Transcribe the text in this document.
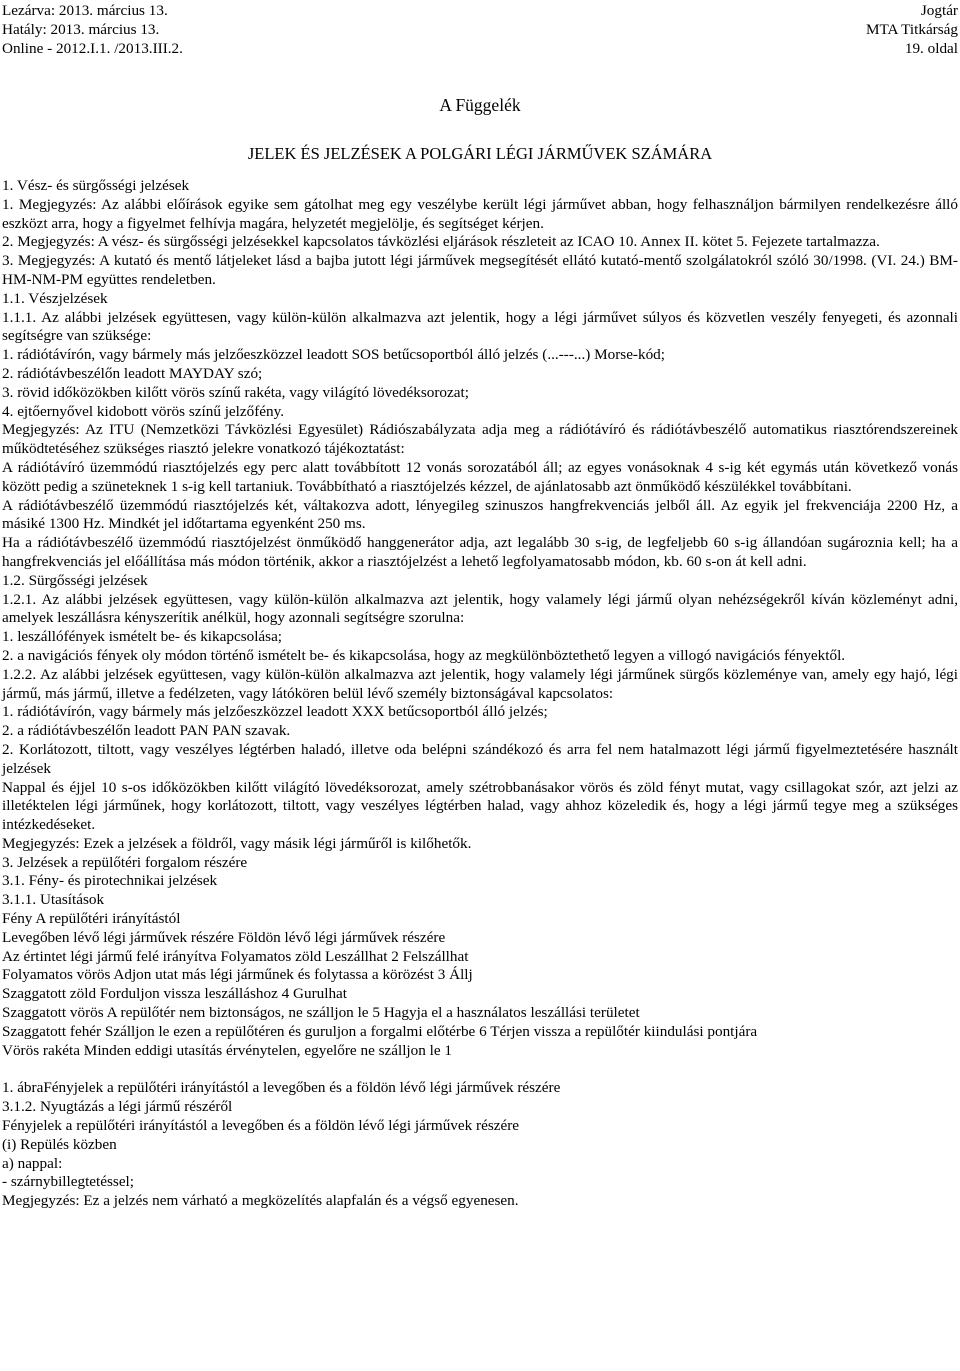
Lezárva: 2013. március 13.
Hatály: 2013. március 13.
Online - 2012.I.1. /2013.III.2.
Jogtár
MTA Titkárság
19. oldal
A Függelék
JELEK ÉS JELZÉSEK A POLGÁRI LÉGI JÁRMŰVEK SZÁMÁRA

1. Vész- és sürgősségi jelzések

1. Megjegyzés: Az alábbi előírások egyike sem gátolhat meg egy veszélybe került légi járművet abban, hogy felhasználjon bármilyen rendelkezésre álló eszközt arra, hogy a figyelmet felhívja magára, helyzetét megjelölje, és segítséget kérjen.

2. Megjegyzés: A vész- és sürgősségi jelzésekkel kapcsolatos távközlési eljárások részleteit az ICAO 10. Annex II. kötet 5. Fejezete tartalmazza.

3. Megjegyzés: A kutató és mentő látjeleket lásd a bajba jutott légi járművek megsegítését ellátó kutató-mentő szolgálatokról szóló 30/1998. (VI. 24.) BM-HM-NM-PM együttes rendeletben.

1.1. Vészjelzések

1.1.1. Az alábbi jelzések együttesen, vagy külön-külön alkalmazva azt jelentik, hogy a légi járművet súlyos és közvetlen veszély fenyegeti, és azonnali segítségre van szüksége:

1. rádiótávírón, vagy bármely más jelzőeszközzel leadott SOS betűcsoportból álló jelzés (...---...) Morse-kód;

2. rádiótávbeszélőn leadott MAYDAY szó;

3. rövid időközökben kilőtt vörös színű rakéta, vagy világító lövedéksorozat;

4. ejtőernyővel kidobott vörös színű jelzőfény.

Megjegyzés: Az ITU (Nemzetközi Távközlési Egyesület) Rádiószabályzata adja meg a rádiótávíró és rádiótávbeszélő automatikus riasztórendszereinek működtetéséhez szükséges riasztó jelekre vonatkozó tájékoztatást:

A rádiótávíró üzemmódú riasztójelzés egy perc alatt továbbított 12 vonás sorozatából áll; az egyes vonásoknak 4 s-ig két egymás után következő vonás között pedig a szüneteknek 1 s-ig kell tartaniuk. Továbbítható a riasztójelzés kézzel, de ajánlatosabb azt önműködő készülékkel továbbítani.

A rádiótávbeszélő üzemmódú riasztójelzés két, váltakozva adott, lényegileg szinuszos hangfrekvenciás jelből áll. Az egyik jel frekvenciája 2200 Hz, a másiké 1300 Hz. Mindkét jel időtartama egyenként 250 ms.

Ha a rádiótávbeszélő üzemmódú riasztójelzést önműködő hanggenerátor adja, azt legalább 30 s-ig, de legfeljebb 60 s-ig állandóan sugároznia kell; ha a hangfrekvenciás jel előállítása más módon történik, akkor a riasztójelzést a lehető legfolyamatosabb módon, kb. 60 s-on át kell adni.

1.2. Sürgősségi jelzések

1.2.1. Az alábbi jelzések együttesen, vagy külön-külön alkalmazva azt jelentik, hogy valamely légi jármű olyan nehézségekről kíván közleményt adni, amelyek leszállásra kényszerítik anélkül, hogy azonnali segítségre szorulna:

1. leszállófények ismételt be- és kikapcsolása;

2. a navigációs fények oly módon történő ismételt be- és kikapcsolása, hogy az megkülönböztethető legyen a villogó navigációs fényektől.

1.2.2. Az alábbi jelzések együttesen, vagy külön-külön alkalmazva azt jelentik, hogy valamely légi járműnek sürgős közleménye van, amely egy hajó, légi jármű, más jármű, illetve a fedélzeten, vagy látókören belül lévő személy biztonságával kapcsolatos:

1. rádiótávírón, vagy bármely más jelzőeszközzel leadott XXX betűcsoportból álló jelzés;

2. a rádiótávbeszélőn leadott PAN PAN szavak.

2. Korlátozott, tiltott, vagy veszélyes légtérben haladó, illetve oda belépni szándékozó és arra fel nem hatalmazott légi jármű figyelmeztetésére használt jelzések

Nappal és éjjel 10 s-os időközökben kilőtt világító lövedéksorozat, amely szétrobbanásakor vörös és zöld fényt mutat, vagy csillagokat szór, azt jelzi az illetéktelen légi járműnek, hogy korlátozott, tiltott, vagy veszélyes légtérben halad, vagy ahhoz közeledik és, hogy a légi jármű tegye meg a szükséges intézkedéseket.

Megjegyzés: Ezek a jelzések a földről, vagy másik légi járműről is kilőhetők.

3. Jelzések a repülőtéri forgalom részére

3.1. Fény- és pirotechnikai jelzések

3.1.1. Utasítások

Fény A repülőtéri irányítástól

Levegőben lévő légi járművek részére Földön lévő légi járművek részére

Az értintet légi jármű felé irányítva Folyamatos zöld Leszállhat 2 Felszállhat

Folyamatos vörös Adjon utat más légi járműnek és folytassa a körözést 3 Állj

Szaggatott zöld Forduljon vissza leszálláshoz 4 Gurulhat

Szaggatott vörös A repülőtér nem biztonságos, ne szálljon le 5 Hagyja el a használatos leszállási területet

Szaggatott fehér Szálljon le ezen a repülőtéren és guruljon a forgalmi előtérbe 6 Térjen vissza a repülőtér kiindulási pontjára

Vörös rakéta Minden eddigi utasítás érvénytelen, egyelőre ne szálljon le 1

1. ábraFényjelek a repülőtéri irányítástól a levegőben és a földön lévő légi járművek részére

3.1.2. Nyugtázás a légi jármű részéről

Fényjelek a repülőtéri irányítástól a levegőben és a földön lévő légi járművek részére

(i) Repülés közben

a) nappal:

- szárnybillegtetéssel;

Megjegyzés: Ez a jelzés nem várható a megközelítés alapfalán és a végső egyenesen.
